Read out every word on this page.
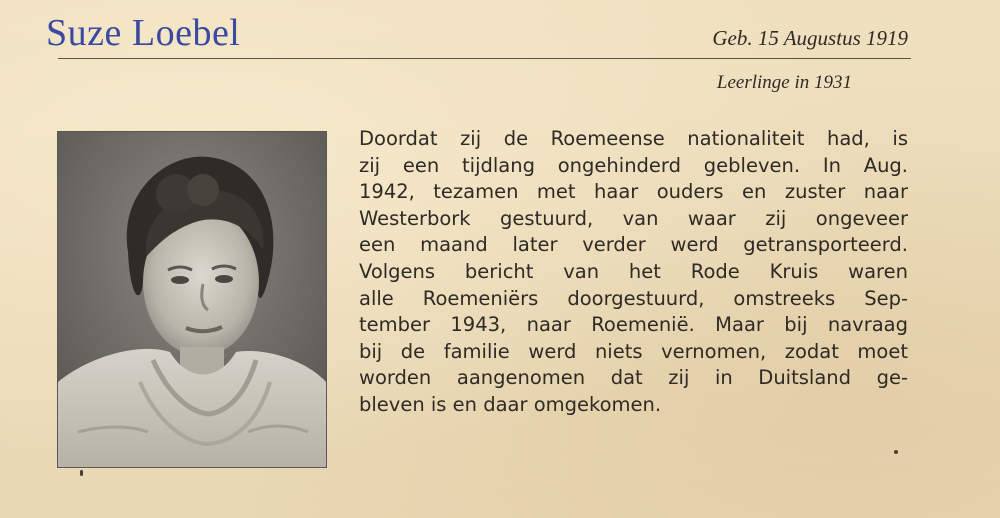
Suze Loebel	Geb. 15 Augustus 1919
Leerlinge in 1931
Doordat zij de Roemeense nationaliteit had, is
zij een tijdlang ongehinderd gebleven. In Aug.
1942, tezamen met haar ouders en zuster naar
Westerbork gestuurd, van waar zij ongeveer
een maand later verder werd getransporteerd.
Volgens bericht van het Rode Kruis waren
alle Roemeniërs doorgestuurd, omstreeks Sep-
tember 1943, naar Roemenië. Maar bij navraag
bij de familie werd niets vernomen, zodat moet
worden aangenomen dat zij in Duitsland ge-
bleven is en daar omgekomen.
